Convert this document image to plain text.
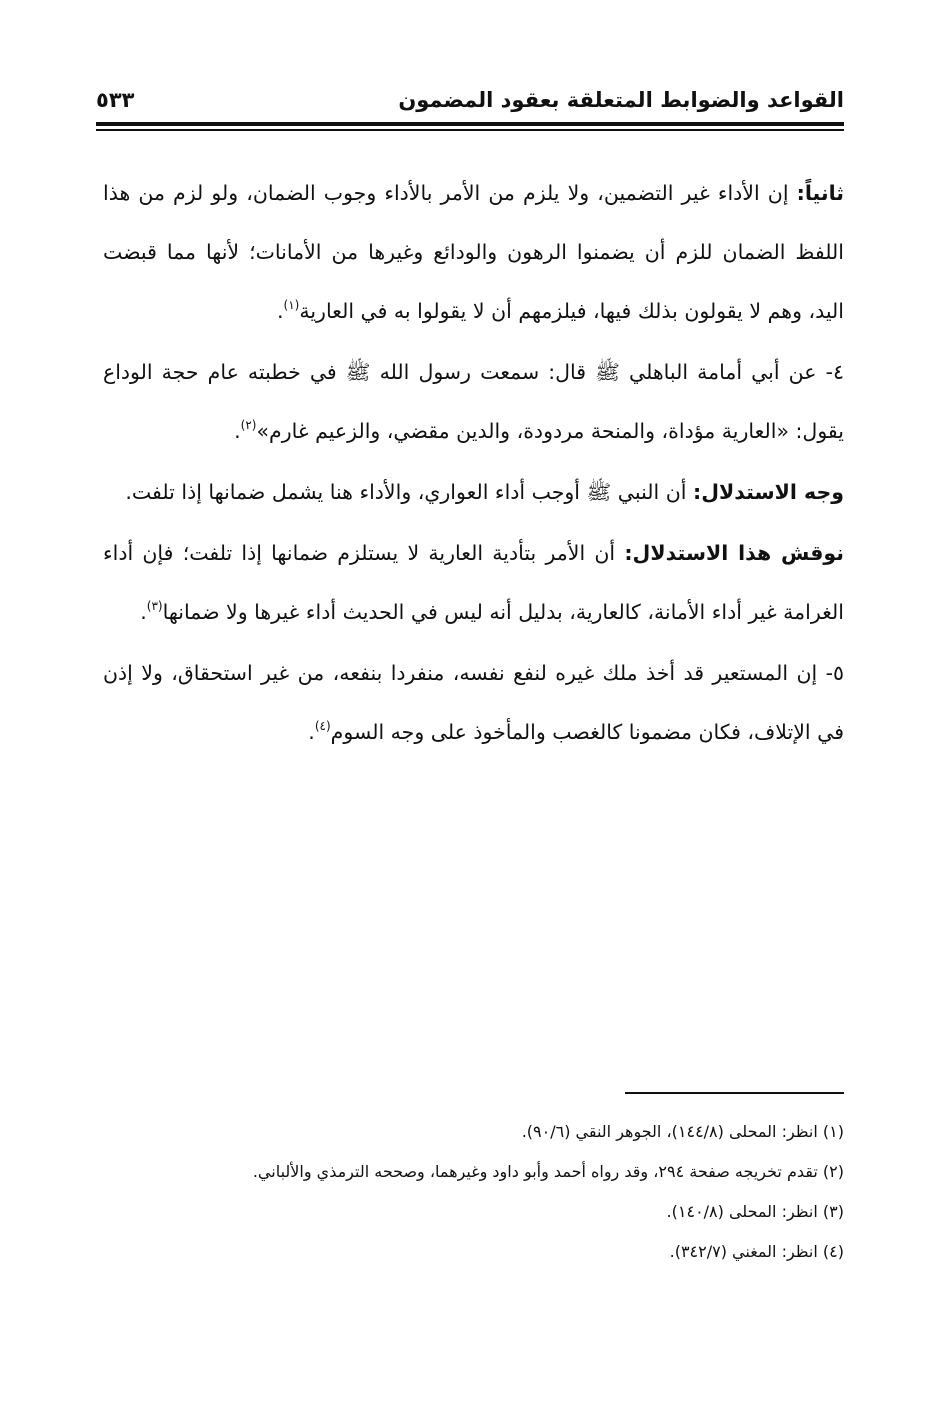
القواعد والضوابط المتعلقة بعقود المضمون
٥٣٣

ثانياً: إن الأداء غير التضمين، ولا يلزم من الأمر بالأداء وجوب الضمان، ولو لزم من هذا اللفظ الضمان للزم أن يضمنوا الرهون والودائع وغيرها من الأمانات؛ لأنها مما قبضت اليد، وهم لا يقولون بذلك فيها، فيلزمهم أن لا يقولوا به في العارية$^{(١)}$.

٤- عن أبي أمامة الباهلي ﷺ قال: سمعت رسول الله ﷺ في خطبته عام حجة الوداع يقول: «العارية مؤداة، والمنحة مردودة، والدين مقضي، والزعيم غارم»$^{(٢)}$.

وجه الاستدلال: أن النبي ﷺ أوجب أداء العواري، والأداء هنا يشمل ضمانها إذا تلفت.

نوقش هذا الاستدلال: أن الأمر بتأدية العارية لا يستلزم ضمانها إذا تلفت؛ فإن أداء الغرامة غير أداء الأمانة، كالعارية، بدليل أنه ليس في الحديث أداء غيرها ولا ضمانها$^{(٣)}$.

٥- إن المستعير قد أخذ ملك غيره لنفع نفسه، منفردا بنفعه، من غير استحقاق، ولا إذن في الإتلاف، فكان مضمونا كالغصب والمأخوذ على وجه السوم$^{(٤)}$.

(١) انظر: المحلى (١٤٤/٨)، الجوهر النقي (٩٠/٦).

(٢) تقدم تخريجه صفحة ٢٩٤، وقد رواه أحمد وأبو داود وغيرهما، وصححه الترمذي والألباني.

(٣) انظر: المحلى (١٤٠/٨).

(٤) انظر: المغني (٣٤٢/٧).
